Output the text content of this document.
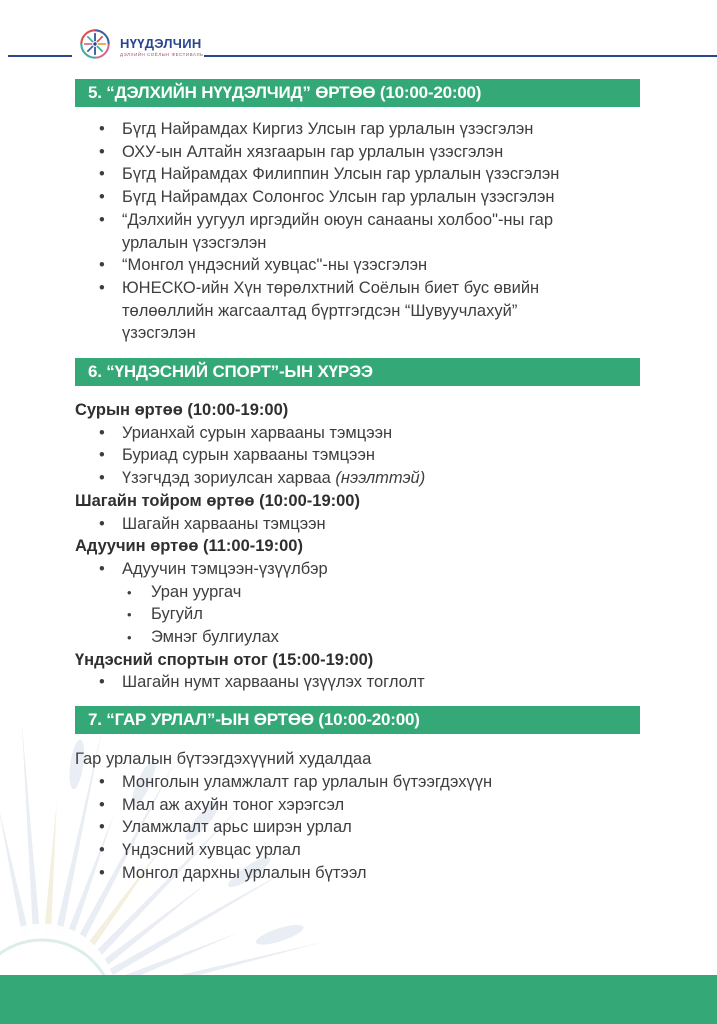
НҮҮДЭЛЧИН
ДЭЛХИЙН СОЁЛЫН ФЕСТИВАЛЬ
5. “ДЭЛХИЙН НҮҮДЭЛЧИД” ӨРТӨӨ (10:00-20:00)
• Бүгд Найрамдах Киргиз Улсын гар урлалын үзэсгэлэн
• ОХУ-ын Алтайн хязгаарын гар урлалын үзэсгэлэн
• Бүгд Найрамдах Филиппин Улсын гар урлалын үзэсгэлэн
• Бүгд Найрамдах Солонгос Улсын гар урлалын үзэсгэлэн
• “Дэлхийн уугуул иргэдийн оюун санааны холбоо"-ны гар урлалын үзэсгэлэн
• “Монгол үндэсний хувцас"-ны үзэсгэлэн
• ЮНЕСКО-ийн Хүн төрөлхтний Соёлын биет бус өвийн төлөөллийн жагсаалтад бүртгэгдсэн “Шувуучлахуй” үзэсгэлэн
6. “ҮНДЭСНИЙ СПОРТ”-ЫН ХҮРЭЭ

Сурын өртөө (10:00-19:00)

• Урианхай сурын харвааны тэмцээн
• Буриад сурын харвааны тэмцээн
• Үзэгчдэд зориулсан харваа (нээлттэй)

Шагайн тойром өртөө (10:00-19:00)

• Шагайн харвааны тэмцээн

Адуучин өртөө (11:00-19:00)

• Адуучин тэмцээн-үзүүлбэр
• Уран уургач
• Бугуйл
• Эмнэг булгиулах

Үндэсний спортын отог (15:00-19:00)

• Шагайн нумт харвааны үзүүлэх тоглолт
7. “ГАР УРЛАЛ”-ЫН ӨРТӨӨ (10:00-20:00)

Гар урлалын бүтээгдэхүүний худалдаа

• Монголын уламжлалт гар урлалын бүтээгдэхүүн
• Мал аж ахуйн тоног хэрэгсэл
• Уламжлалт арьс ширэн урлал
• Үндэсний хувцас урлал
• Монгол дархны урлалын бүтээл
